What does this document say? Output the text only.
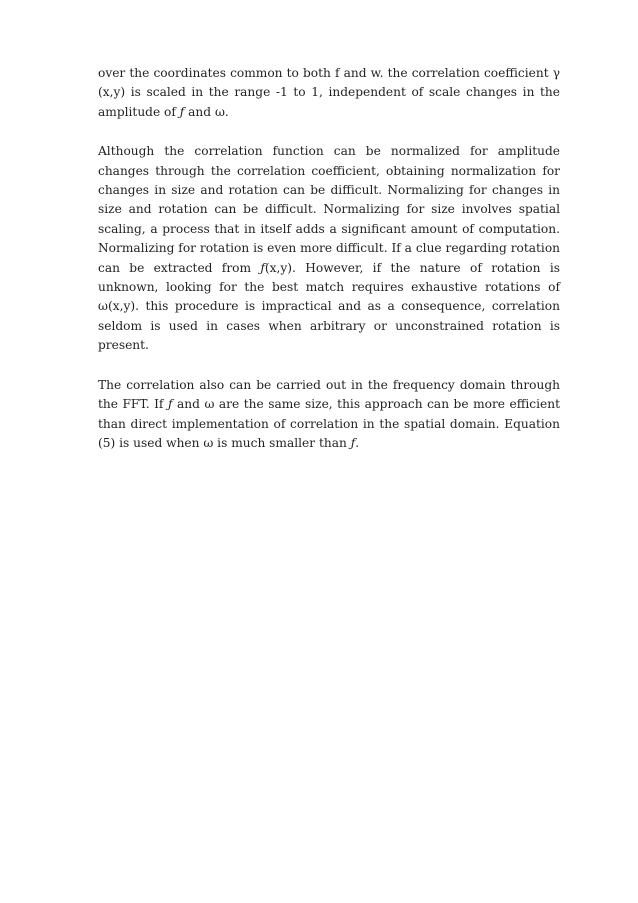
over the coordinates common to both f and w. the correlation coefficient γ (x,y) is scaled in the range -1 to 1, independent of scale changes in the amplitude of ƒ and ω.

Although the correlation function can be normalized for amplitude changes through the correlation coefficient, obtaining normalization for changes in size and rotation can be difficult. Normalizing for changes in size and rotation can be difficult. Normalizing for size involves spatial scaling, a process that in itself adds a significant amount of computation. Normalizing for rotation is even more difficult. If a clue regarding rotation can be extracted from ƒ(x,y). However, if the nature of rotation is unknown, looking for the best match requires exhaustive rotations of ω(x,y). this procedure is impractical and as a consequence, correlation seldom is used in cases when arbitrary or unconstrained rotation is present.

The correlation also can be carried out in the frequency domain through the FFT. If ƒ and ω are the same size, this approach can be more efficient than direct implementation of correlation in the spatial domain. Equation (5) is used when ω is much smaller than ƒ.
